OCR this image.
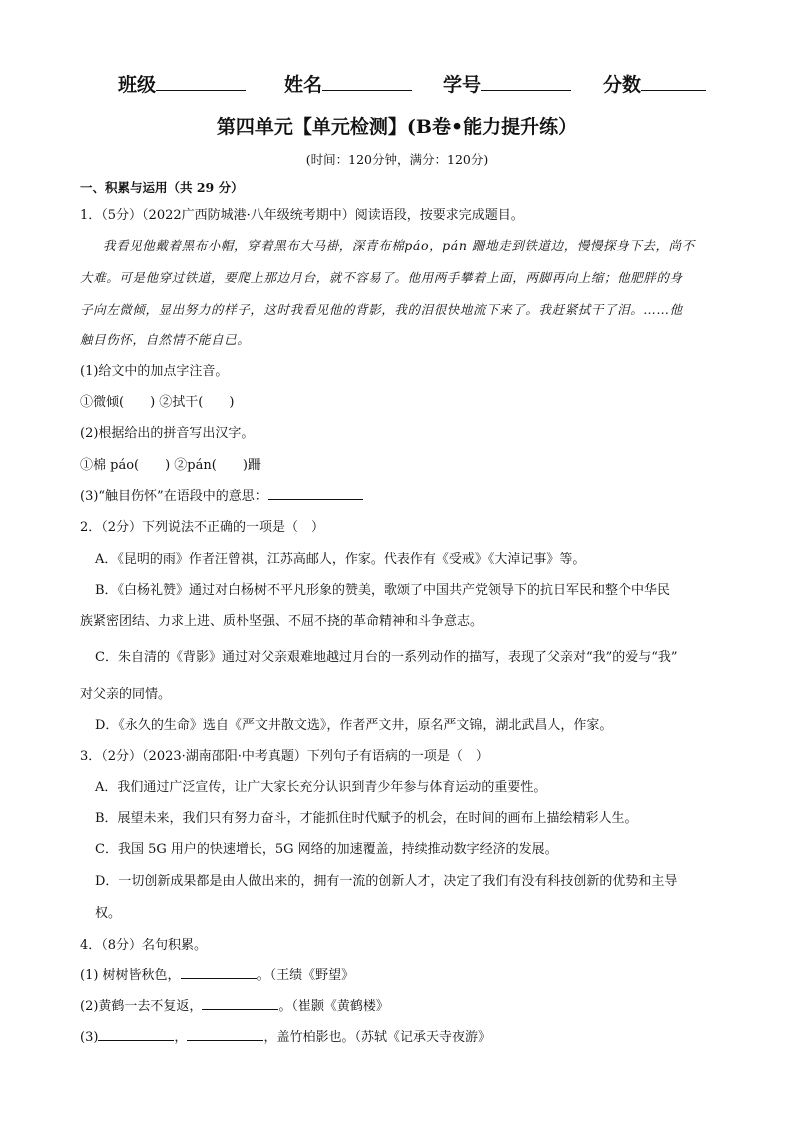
班级	姓名	学号	分数
第四单元【单元检测】(B卷•能力提升练）
(时间：120分钟，满分：120分)
一、积累与运用（共 29 分）
1．（5分）（2022广西防城港·八年级统考期中）阅读语段，按要求完成题目。
我看见他戴着黑布小帽，穿着黑布大马褂，深青布棉páo，pán 跚地走到铁道边，慢慢探身下去，尚不
大难。可是他穿过铁道，要爬上那边月台，就不容易了。他用两手攀着上面，两脚再向上缩；他肥胖的身
子向左微倾，显出努力的样子，这时我看见他的背影，我的泪很快地流下来了。我赶紧拭干了泪。……他
触目伤怀，自然情不能自已。
(1)给文中的加点字注音。
①微倾(　　) ②拭干(　　)
(2)根据给出的拼音写出汉字。
①棉 páo(　　) ②pán(　　)跚
(3)“触目伤怀”在语段中的意思：
2．（2分）下列说法不正确的一项是（　）
A．《昆明的雨》作者汪曾祺，江苏高邮人，作家。代表作有《受戒》《大淖记事》等。
B．《白杨礼赞》通过对白杨树不平凡形象的赞美，歌颂了中国共产党领导下的抗日军民和整个中华民
族紧密团结、力求上进、质朴坚强、不屈不挠的革命精神和斗争意志。
C．朱自清的《背影》通过对父亲艰难地越过月台的一系列动作的描写，表现了父亲对“我”的爱与“我”
对父亲的同情。
D．《永久的生命》选自《严文井散文选》，作者严文井，原名严文锦，湖北武昌人，作家。
3．（2分）（2023·湖南邵阳·中考真题）下列句子有语病的一项是（　）
A．我们通过广泛宣传，让广大家长充分认识到青少年参与体育运动的重要性。
B．展望未来，我们只有努力奋斗，才能抓住时代赋予的机会，在时间的画布上描绘精彩人生。
C．我国 5G 用户的快速增长，5G 网络的加速覆盖，持续推动数字经济的发展。
D．一切创新成果都是由人做出来的，拥有一流的创新人才，决定了我们有没有科技创新的优势和主导
权。
4．（8分）名句积累。
(1) 树树皆秋色，	。（王绩《野望》
(2)黄鹤一去不复返，	。（崔颢《黄鹤楼》
(3)	，	，盖竹柏影也。（苏轼《记承天寺夜游》
